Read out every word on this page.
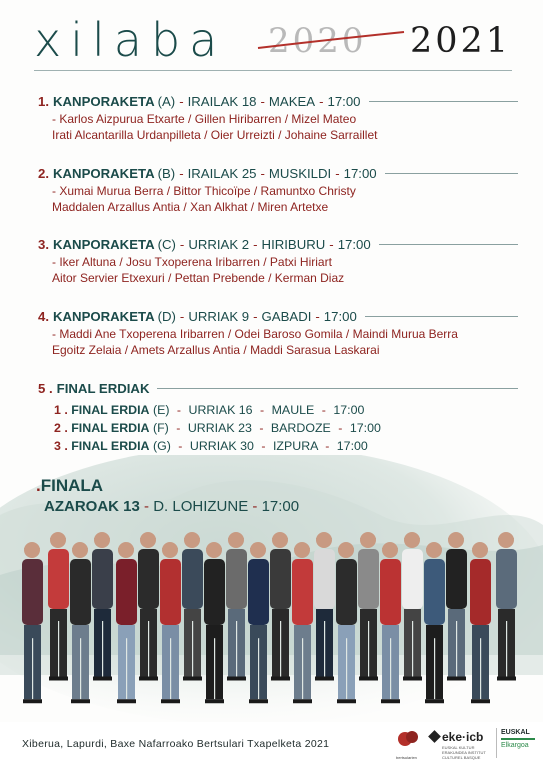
xilaba 2020 2021
1. KANPORAKETA (A) - IRAILAK 18 - MAKEA - 17:00
- Karlos Aizpurua Etxarte / Gillen Hiribarren / Mizel Mateo
Irati Alcantarilla Urdanpilleta / Oier Urreizti / Johaine Sarraillet
2. KANPORAKETA (B) - IRAILAK 25 - MUSKILDI - 17:00
- Xumai Murua Berra / Bittor Thicoïpe / Ramuntxo Christy
Maddalen Arzallus Antia / Xan Alkhat / Miren Artetxe
3. KANPORAKETA (C) - URRIAK 2 - HIRIBURU - 17:00
- Iker Altuna / Josu Txoperena Iribarren / Patxi Hiriart
Aitor Servier Etxexuri / Pettan Prebende / Kerman Diaz
4. KANPORAKETA (D) - URRIAK 9 - GABADI - 17:00
- Maddi Ane Txoperena Iribarren / Odei Baroso Gomila / Maindi Murua Berra
Egoitz Zelaia / Amets Arzallus Antia / Maddi Sarasua Laskarai
5 . FINAL ERDIAK
1 . FINAL ERDIA (E) - URRIAK 16 - MAULE - 17:00
2 . FINAL ERDIA (F) - URRIAK 23 - BARDOZE - 17:00
3 . FINAL ERDIA (G) - URRIAK 30 - IZPURA - 17:00
.FINALA
AZAROAK 13 - D. LOHIZUNE - 17:00
Xiberua, Lapurdi, Baxe Nafarroako Bertsulari Txapelketa 2021
bertsularien
eke·icb
EUSKAL KULTUR ERAKUNDEA INSTITUT CULTUREL BASQUE
EUSKAL
Elkargoa
